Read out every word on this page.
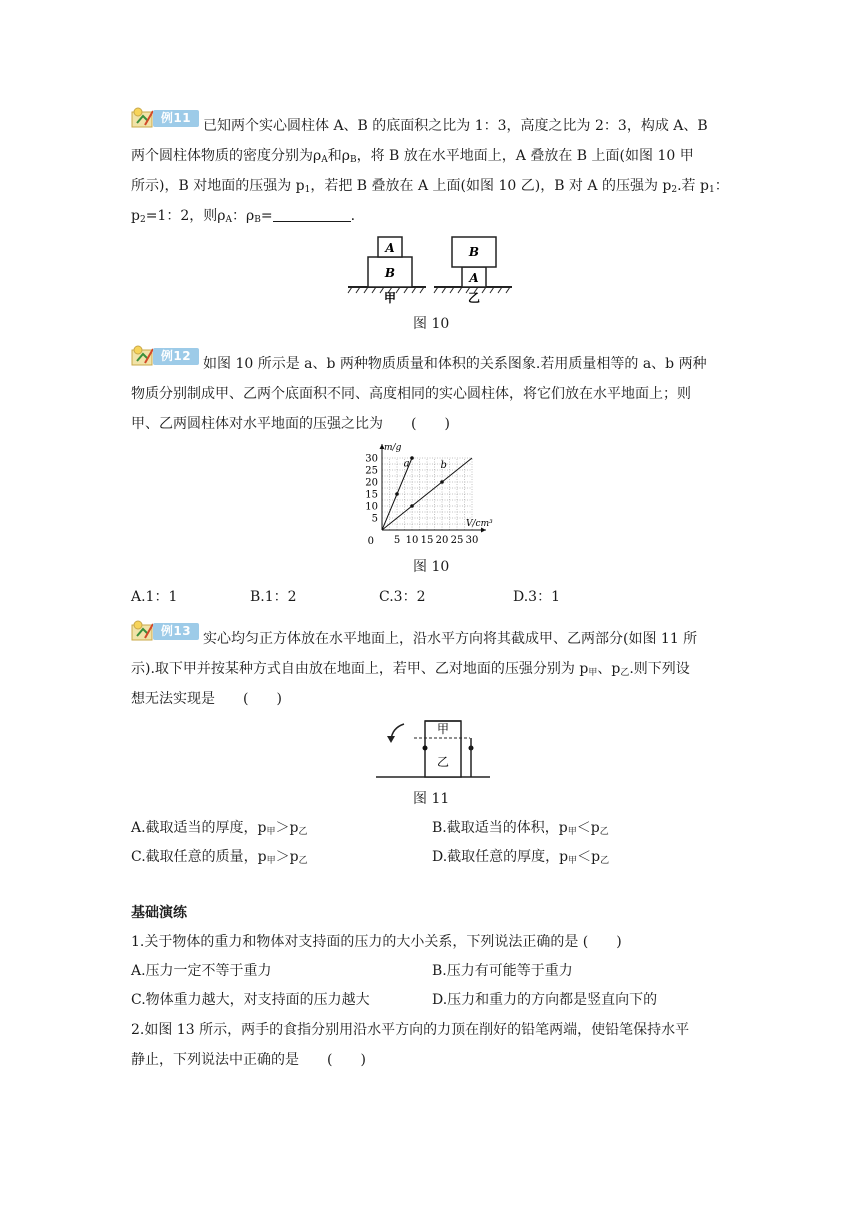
例11 已知两个实心圆柱体 A、B 的底面积之比为 1：3，高度之比为 2：3，构成 A、B
两个圆柱体物质的密度分别为$\rho_A$和$\rho_B$，将 B 放在水平地面上，A 叠放在 B 上面(如图 10 甲
所示)，B 对地面的压强为 $p_1$，若把 B 叠放在 A 上面(如图 10 乙)，B 对 A 的压强为 $p_2$.若 $p_1$：
$p_2=1$：2，则$\rho_A$：$\rho_B=$	.
A
B
甲
B
A
乙
图 10
例12 如图 10 所示是 a、b 两种物质质量和体积的关系图象.若用质量相等的 a、b 两种
物质分别制成甲、乙两个底面积不同、高度相同的实心圆柱体，将它们放在水平地面上；则
甲、乙两圆柱体对水平地面的压强之比为　　(　　)
5 10 15 20 25 30
5
10
15
20
25
30
0
m/g
V/cm³
a	b
图 10
A.1：1	B.1：2	C.3：2	D.3：1
例13 实心均匀正方体放在水平地面上，沿水平方向将其截成甲、乙两部分(如图 11 所
示).取下甲并按某种方式自由放在地面上，若甲、乙对地面的压强分别为 $p_甲$、$p_乙$.则下列设
想无法实现是　　(　　)
甲
乙
图 11
A.截取适当的厚度，$p_甲>p_乙$	B.截取适当的体积，$p_甲<p_乙$
C.截取任意的质量，$p_甲>p_乙$	D.截取任意的厚度，$p_甲<p_乙$
基础演练
1.关于物体的重力和物体对支持面的压力的大小关系，下列说法正确的是 (　　)
A.压力一定不等于重力	B.压力有可能等于重力
C.物体重力越大，对支持面的压力越大	D.压力和重力的方向都是竖直向下的
2.如图 13 所示，两手的食指分别用沿水平方向的力顶在削好的铅笔两端，使铅笔保持水平
静止，下列说法中正确的是　　(　　)
